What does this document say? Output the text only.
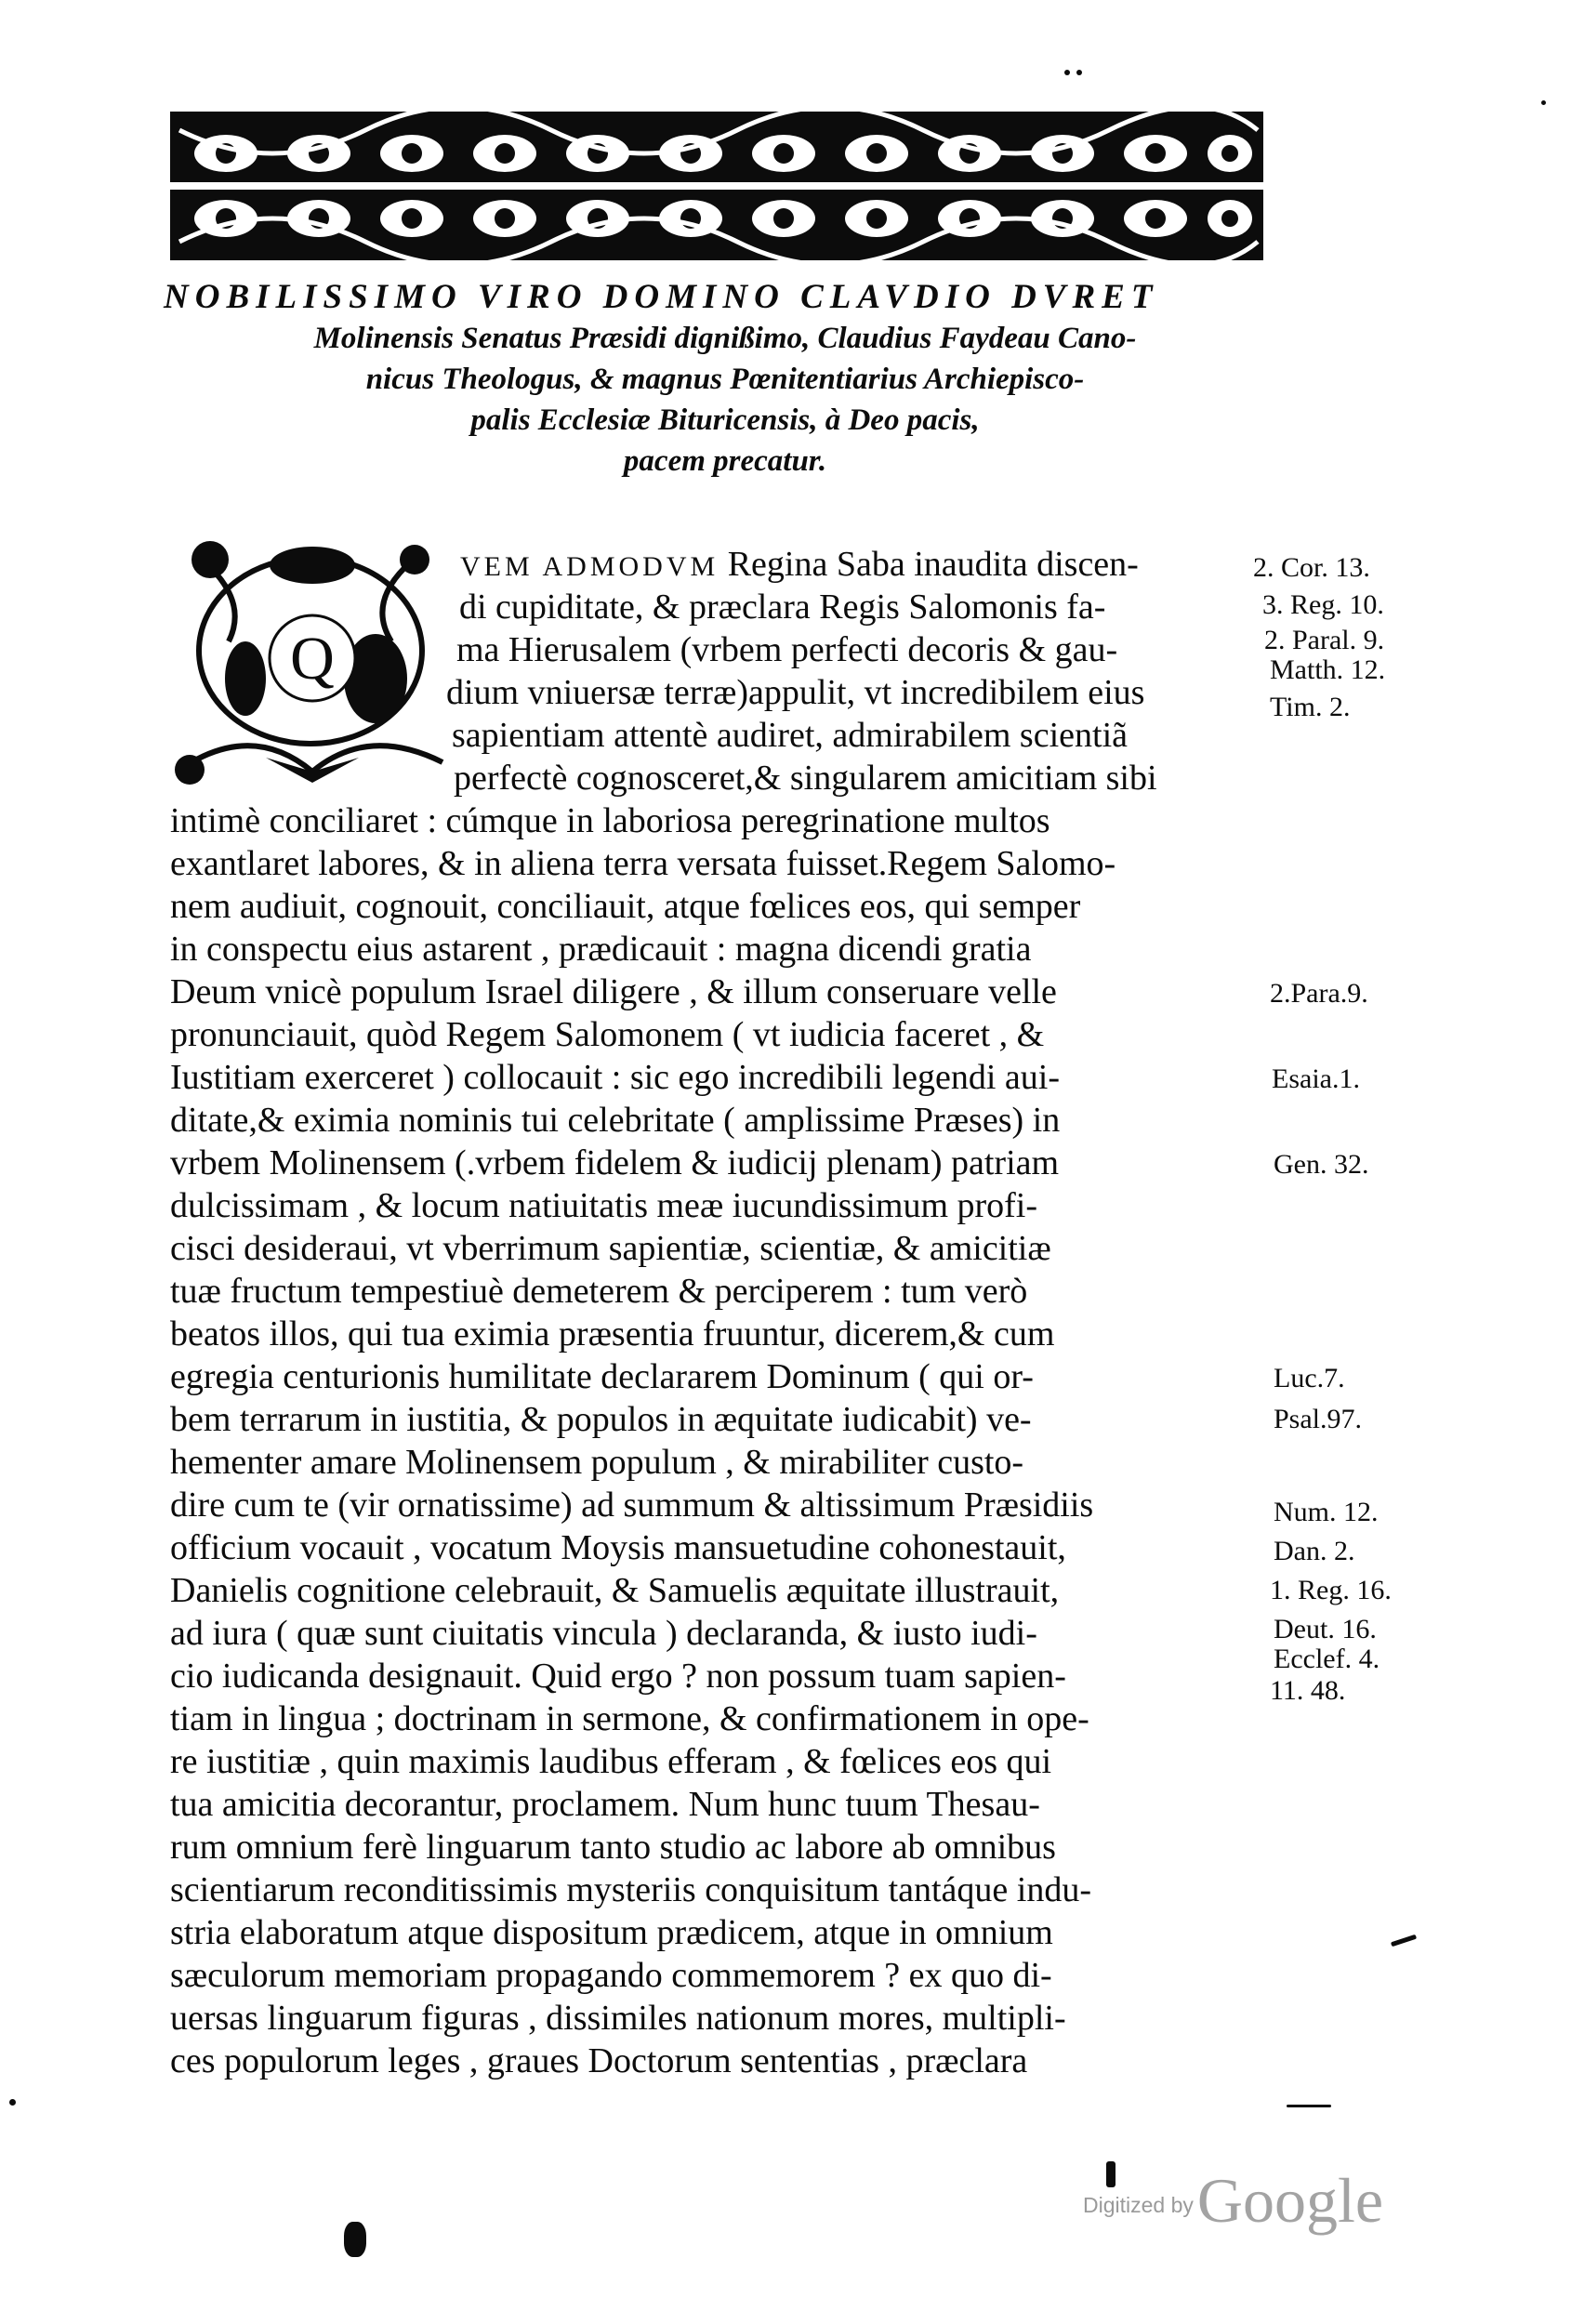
NOBILISSIMO VIRO DOMINO CLAVDIO DVRET
Molinensis Senatus Præsidi dignißimo, Claudius Faydeau Cano-
nicus Theologus, & magnus Pœnitentiarius Archiepisco-
palis Ecclesiæ Bituricensis, à Deo pacis,
pacem precatur.
Q
VEM ADMODVM Regina Saba inaudita discen-
di cupiditate, & præclara Regis Salomonis fa-
ma Hierusalem (vrbem perfecti decoris & gau-
dium vniuersæ terræ)appulit, vt incredibilem eius
sapientiam attentè audiret, admirabilem scientiã
perfectè cognosceret,& singularem amicitiam sibi
intimè conciliaret : cúmque in laboriosa peregrinatione multos
exantlaret labores, & in aliena terra versata fuisset.Regem Salomo-
nem audiuit, cognouit, conciliauit, atque fœlices eos, qui semper
in conspectu eius astarent , prædicauit : magna dicendi gratia
Deum vnicè populum Israel diligere , & illum conseruare velle
pronunciauit, quòd Regem Salomonem ( vt iudicia faceret , &
Iustitiam exerceret ) collocauit : sic ego incredibili legendi aui-
ditate,& eximia nominis tui celebritate ( amplissime Præses) in
vrbem Molinensem (.vrbem fidelem & iudicij plenam) patriam
dulcissimam , & locum natiuitatis meæ iucundissimum profi-
cisci desideraui, vt vberrimum sapientiæ, scientiæ, & amicitiæ
tuæ fructum tempestiuè demeterem & perciperem : tum verò
beatos illos, qui tua eximia præsentia fruuntur, dicerem,& cum
egregia centurionis humilitate declararem Dominum ( qui or-
bem terrarum in iustitia, & populos in æquitate iudicabit) ve-
hementer amare Molinensem populum , & mirabiliter custo-
dire cum te (vir ornatissime) ad summum & altissimum Præsidiis
officium vocauit , vocatum Moysis mansuetudine cohonestauit,
Danielis cognitione celebrauit, & Samuelis æquitate illustrauit,
ad iura ( quæ sunt ciuitatis vincula ) declaranda, & iusto iudi-
cio iudicanda designauit. Quid ergo ? non possum tuam sapien-
tiam in lingua ; doctrinam in sermone, & confirmationem in ope-
re iustitiæ , quin maximis laudibus efferam , & fœlices eos qui
tua amicitia decorantur, proclamem. Num hunc tuum Thesau-
rum omnium ferè linguarum tanto studio ac labore ab omnibus
scientiarum reconditissimis mysteriis conquisitum tantáque indu-
stria elaboratum atque dispositum prædicem, atque in omnium
sæculorum memoriam propagando commemorem ? ex quo di-
uersas linguarum figuras , dissimiles nationum mores, multipli-
ces populorum leges , graues Doctorum sententias , præclara
2. Cor. 13.
3. Reg. 10.
2. Paral. 9.
Matth. 12.
Tim. 2.
2.Para.9.
Esaia.1.
Gen. 32.
Luc.7.
Psal.97.
Num. 12.
Dan. 2.
1. Reg. 16.
Deut. 16.
Ecclef. 4.
11. 48.
Digitized by Google
